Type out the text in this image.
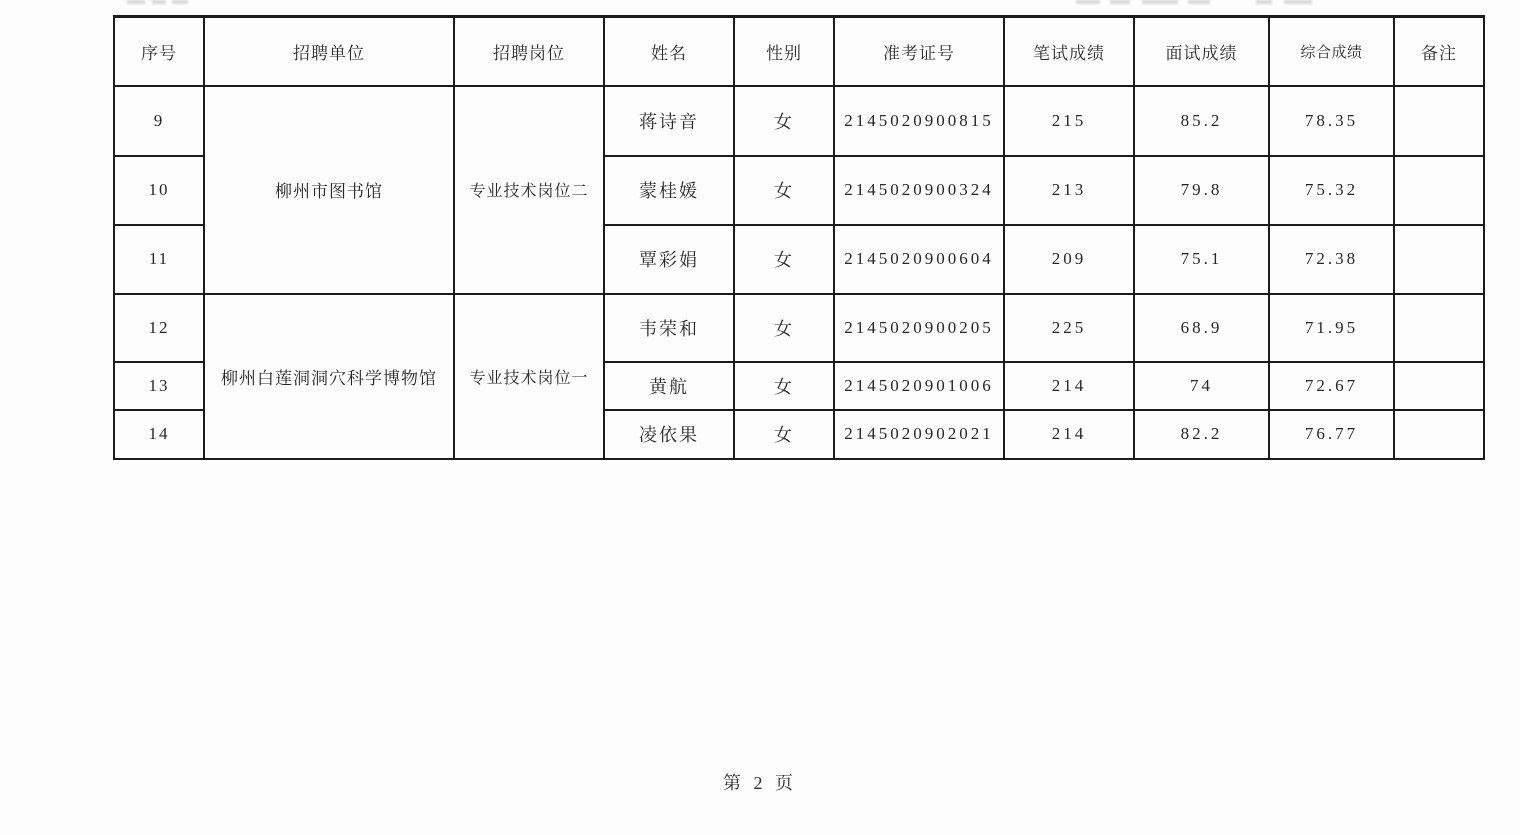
序号	招聘单位	招聘岗位	姓名	性别	准考证号	笔试成绩	面试成绩	综合成绩	备注
9	柳州市图书馆	专业技术岗位二	蒋诗音	女	2145020900815	215	85.2	78.35	
10			蒙桂媛	女	2145020900324	213	79.8	75.32	
11			覃彩娟	女	2145020900604	209	75.1	72.38	
12	柳州白莲洞洞穴科学博物馆	专业技术岗位一	韦荣和	女	2145020900205	225	68.9	71.95	
13			黄航	女	2145020901006	214	74	72.67	
14			凌依果	女	2145020902021	214	82.2	76.77	
第 2 页
